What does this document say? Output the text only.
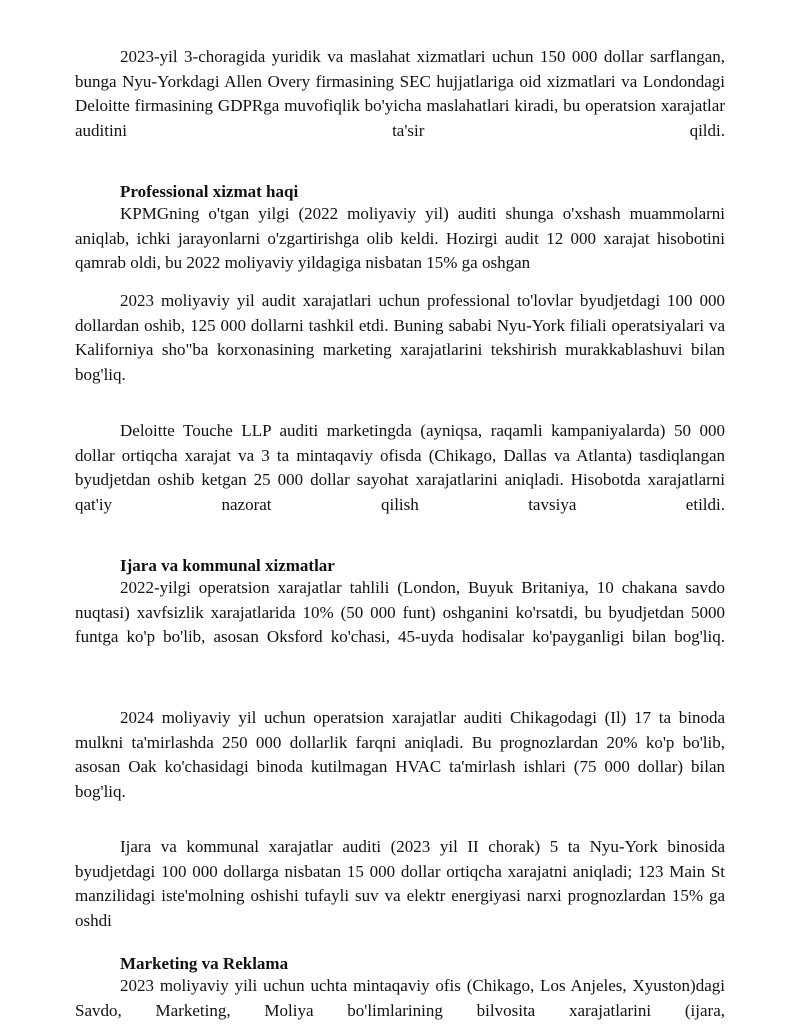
2023-yil 3-choragida yuridik va maslahat xizmatlari uchun 150 000 dollar sarflangan, bunga Nyu-Yorkdagi Allen Overy firmasining SEC hujjatlariga oid xizmatlari va Londondagi Deloitte firmasining GDPRga muvofiqlik bo'yicha maslahatlari kiradi, bu operatsion xarajatlar auditini ta'sir qildi.

Professional xizmat haqi

KPMGning o'tgan yilgi (2022 moliyaviy yil) auditi shunga o'xshash muammolarni aniqlab, ichki jarayonlarni o'zgartirishga olib keldi. Hozirgi audit 12 000 xarajat hisobotini qamrab oldi, bu 2022 moliyaviy yildagiga nisbatan 15% ga oshgan

2023 moliyaviy yil audit xarajatlari uchun professional to'lovlar byudjetdagi 100 000 dollardan oshib, 125 000 dollarni tashkil etdi. Buning sababi Nyu-York filiali operatsiyalari va Kaliforniya sho"ba korxonasining marketing xarajatlarini tekshirish murakkablashuvi bilan bog'liq.

Deloitte Touche LLP auditi marketingda (ayniqsa, raqamli kampaniyalarda) 50 000 dollar ortiqcha xarajat va 3 ta mintaqaviy ofisda (Chikago, Dallas va Atlanta) tasdiqlangan byudjetdan oshib ketgan 25 000 dollar sayohat xarajatlarini aniqladi. Hisobotda xarajatlarni qat'iy nazorat qilish tavsiya etildi.

Ijara va kommunal xizmatlar

2022-yilgi operatsion xarajatlar tahlili (London, Buyuk Britaniya, 10 chakana savdo nuqtasi) xavfsizlik xarajatlarida 10% (50 000 funt) oshganini ko'rsatdi, bu byudjetdan 5000 funtga ko'p bo'lib, asosan Oksford ko'chasi, 45-uyda hodisalar ko'payganligi bilan bog'liq.

2024 moliyaviy yil uchun operatsion xarajatlar auditi Chikagodagi (Il) 17 ta binoda mulkni ta'mirlashda 250 000 dollarlik farqni aniqladi. Bu prognozlardan 20% ko'p bo'lib, asosan Oak ko'chasidagi binoda kutilmagan HVAC ta'mirlash ishlari (75 000 dollar) bilan bog'liq.

Ijara va kommunal xarajatlar auditi (2023 yil II chorak) 5 ta Nyu-York binosida byudjetdagi 100 000 dollarga nisbatan 15 000 dollar ortiqcha xarajatni aniqladi; 123 Main St manzilidagi iste'molning oshishi tufayli suv va elektr energiyasi narxi prognozlardan 15% ga oshdi

Marketing va Reklama

2023 moliyaviy yili uchun uchta mintaqaviy ofis (Chikago, Los Anjeles, Xyuston)dagi Savdo, Marketing, Moliya bo'limlarining bilvosita xarajatlarini (ijara,
